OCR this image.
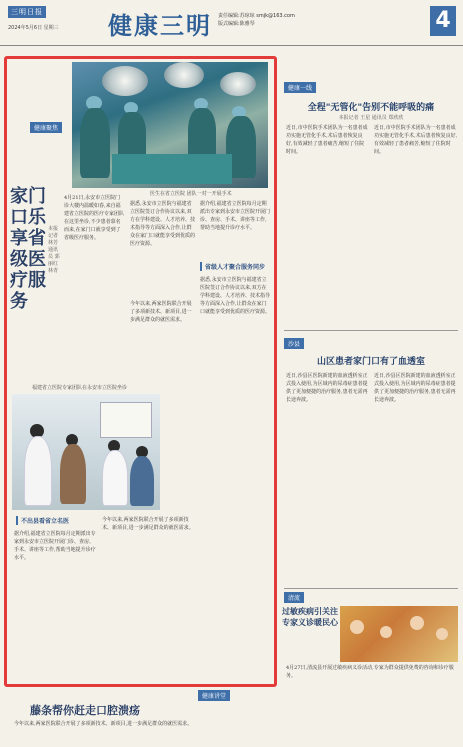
三明日报
2024年5月6日 星期三 健康三明 责任编辑:苏琼琼 smjk@163.com
版式编辑:陈雅琴	4
健康聚焦
医生在省立医院 团队一对一开展手术
家门口乐享省级医疗服务
本报记者 林芳 通讯员 郭丽红 林青
4月21日,永安市立医院门诊大楼内温暖如春,来自福建省立医院的医疗专家团队在这里坐诊,不少患者慕名而来,在家门口就享受到了省级医疗服务。
据悉,永安市立医院与福建省立医院签订合作协议以来,双方在学科建设、人才培养、技术指导等方面深入合作,让群众在家门口就能享受到优质的医疗资源。
省级人才聚合服务同步
据介绍,福建省立医院每月定期派出专家到永安市立医院开展门诊、查房、手术、讲座等工作,帮助当地提升诊疗水平。
今年以来,两家医院联合开展了多项新技术、新项目,进一步满足群众的就医需求。
据悉,永安市立医院与福建省立医院签订合作协议以来,双方在学科建设、人才培养、技术指导等方面深入合作,让群众在家门口就能享受到优质的医疗资源。
福建省立医院专家团队在永安市立医院坐诊
不出县看省立名医
据介绍,福建省立医院每月定期派出专家到永安市立医院开展门诊、查房、手术、讲座等工作,帮助当地提升诊疗水平。
今年以来,两家医院联合开展了多项新技术、新项目,进一步满足群众的就医需求。
健康一线
全程"无管化"告别不能呼吸的痛
本报记者 王星 通讯员 郑欣欣
近日,市中医院手术团队为一名患者成功实施无管化手术,术后患者恢复良好,有效减轻了患者痛苦,缩短了住院时间。
近日,市中医院手术团队为一名患者成功实施无管化手术,术后患者恢复良好,有效减轻了患者痛苦,缩短了住院时间。
沙县
山区患者家门口有了血透室
近日,沙县区医院新建的血液透析室正式投入使用,为区域内的尿毒症患者提供了更加便捷的治疗服务,患者无需再长途奔波。
近日,沙县区医院新建的血液透析室正式投入使用,为区域内的尿毒症患者提供了更加便捷的治疗服务,患者无需再长途奔波。
清流
过敏疾病引关注 专家义诊暖民心
4月27日,清流县开展过敏疾病义诊活动,专家为群众提供免费的咨询和诊疗服务。
健康讲堂
藤条帮你赶走口腔溃疡
今年以来,两家医院联合开展了多项新技术、新项目,进一步满足群众的就医需求。
